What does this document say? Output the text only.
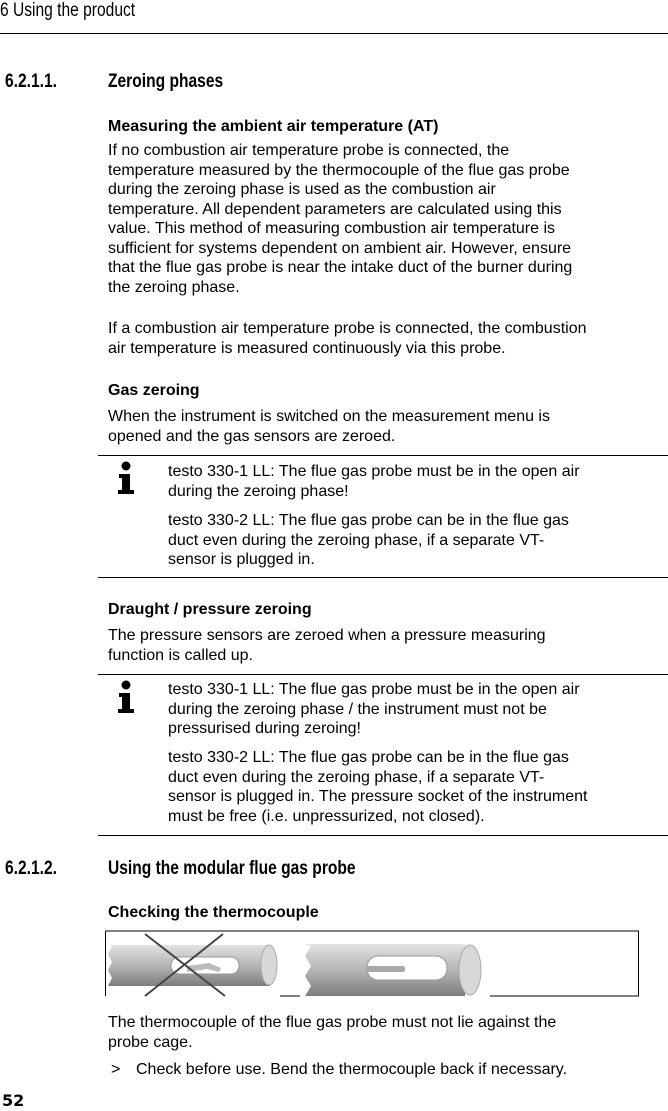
6 Using the product
6.2.1.1.	Zeroing phases
Measuring the ambient air temperature (AT)
If no combustion air temperature probe is connected, the
temperature measured by the thermocouple of the flue gas probe
during the zeroing phase is used as the combustion air
temperature. All dependent parameters are calculated using this
value. This method of measuring combustion air temperature is
sufficient for systems dependent on ambient air. However, ensure
that the flue gas probe is near the intake duct of the burner during
the zeroing phase.
If a combustion air temperature probe is connected, the combustion
air temperature is measured continuously via this probe.
Gas zeroing
When the instrument is switched on the measurement menu is
opened and the gas sensors are zeroed.
testo 330-1 LL: The flue gas probe must be in the open air
during the zeroing phase!
testo 330-2 LL: The flue gas probe can be in the flue gas
duct even during the zeroing phase, if a separate VT-
sensor is plugged in.
Draught / pressure zeroing
The pressure sensors are zeroed when a pressure measuring
function is called up.
testo 330-1 LL: The flue gas probe must be in the open air
during the zeroing phase / the instrument must not be
pressurised during zeroing!
testo 330-2 LL: The flue gas probe can be in the flue gas
duct even during the zeroing phase, if a separate VT-
sensor is plugged in. The pressure socket of the instrument
must be free (i.e. unpressurized, not closed).
6.2.1.2.	Using the modular flue gas probe
Checking the thermocouple
The thermocouple of the flue gas probe must not lie against the
probe cage.
> Check before use. Bend the thermocouple back if necessary.
52
